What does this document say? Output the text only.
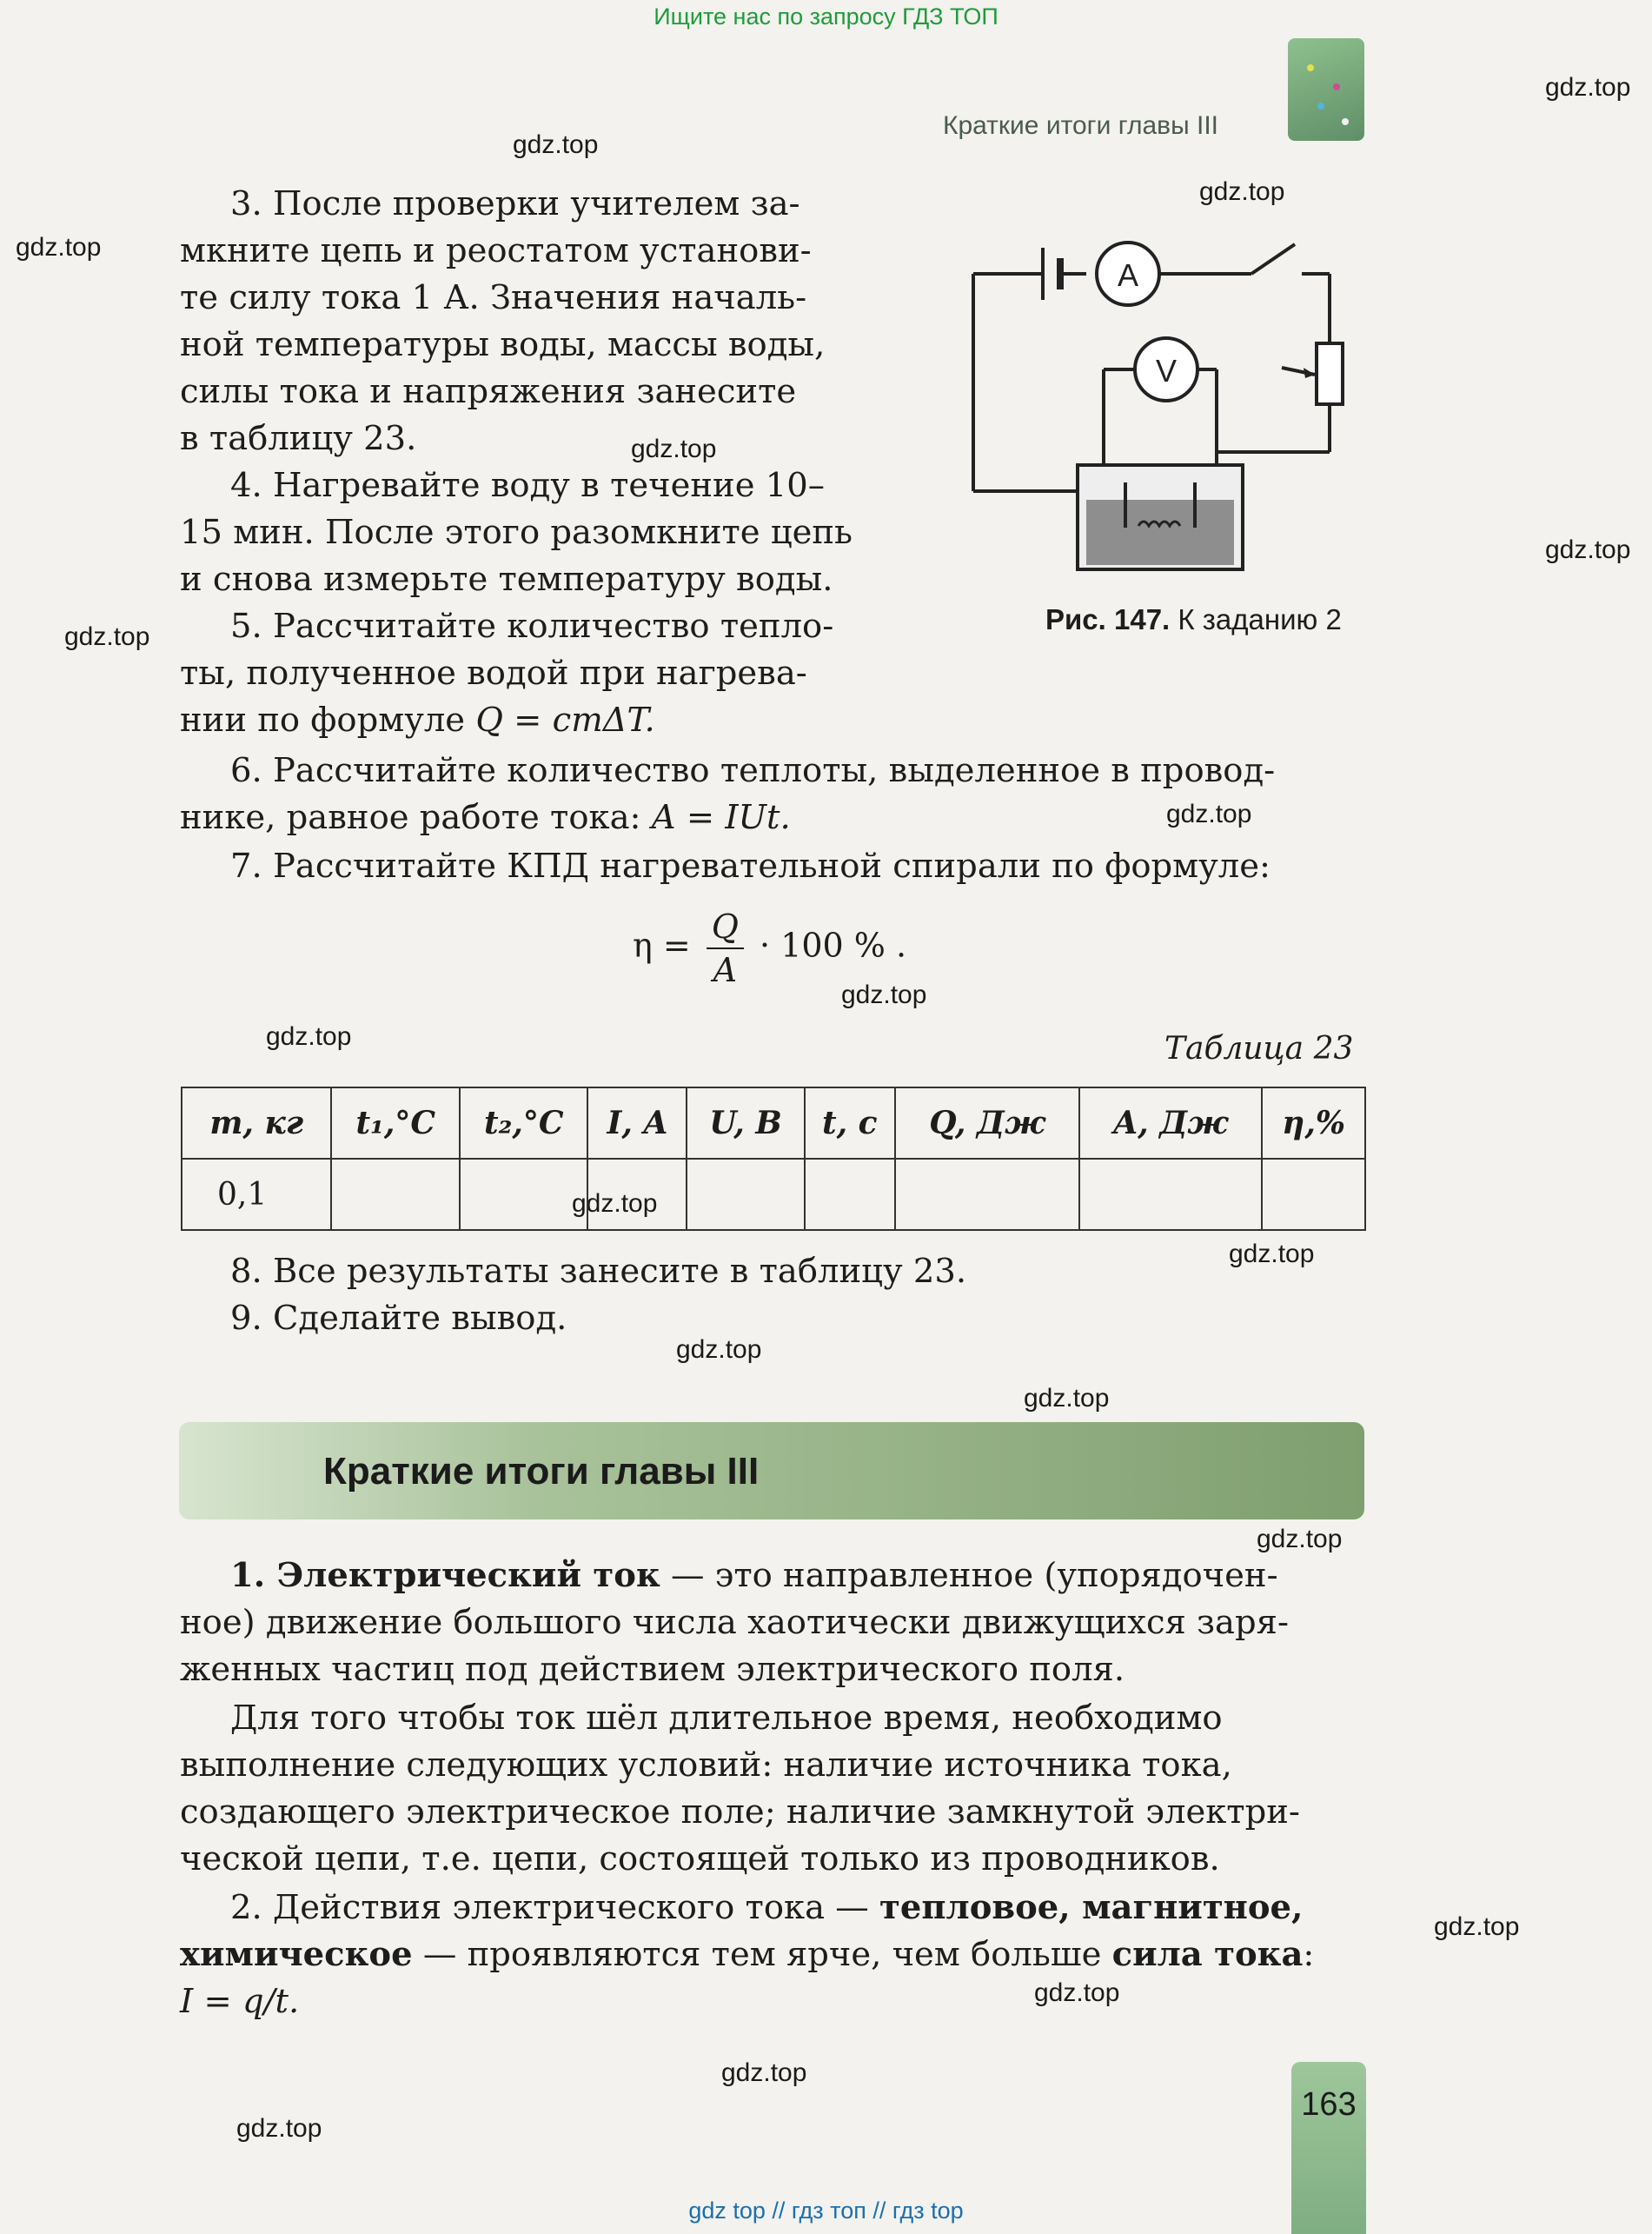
Ищите нас по запросу ГДЗ ТОП
Краткие итоги главы III
gdz.top
gdz.top
gdz.top
gdz.top
gdz.top
gdz.top
gdz.top
gdz.top
gdz.top
gdz.top
gdz.top
gdz.top
gdz.top
gdz.top
gdz.top
gdz.top
gdz.top
gdz.top
gdz.top

3. После проверки учителем за-

мкните цепь и реостатом установи-

те силу тока 1 А. Значения началь-

ной температуры воды, массы воды,

силы тока и напряжения занесите

в таблицу 23.

4. Нагревайте воду в течение 10–

15 мин. После этого разомкните цепь

и снова измерьте температуру воды.

5. Рассчитайте количество тепло-

ты, полученное водой при нагрева-

нии по формуле Q = cmΔT.

6. Рассчитайте количество теплоты, выделенное в провод-

нике, равное работе тока: A = IUt.

7. Рассчитайте КПД нагревательной спирали по формуле:

$\eta = \frac{Q}{A} \cdot 100$ % .
A
V
Рис. 147. К заданию 2
Таблица 23
m, кг	t₁,°C	t₂,°C	I, A	U, B	t, c	Q, Дж	A, Дж	η,%
0,1								

8. Все результаты занесите в таблицу 23.

9. Сделайте вывод.

Краткие итоги главы III

1. Электрический ток — это направленное (упорядочен-

ное) движение большого числа хаотически движущихся заря-

женных частиц под действием электрического поля.

Для того чтобы ток шёл длительное время, необходимо

выполнение следующих условий: наличие источника тока,

создающего электрическое поле; наличие замкнутой электри-

ческой цепи, т.е. цепи, состоящей только из проводников.

2. Действия электрического тока — тепловое, магнитное,

химическое — проявляются тем ярче, чем больше сила тока:

I = q/t.

163
gdz top // гдз топ // гдз top
